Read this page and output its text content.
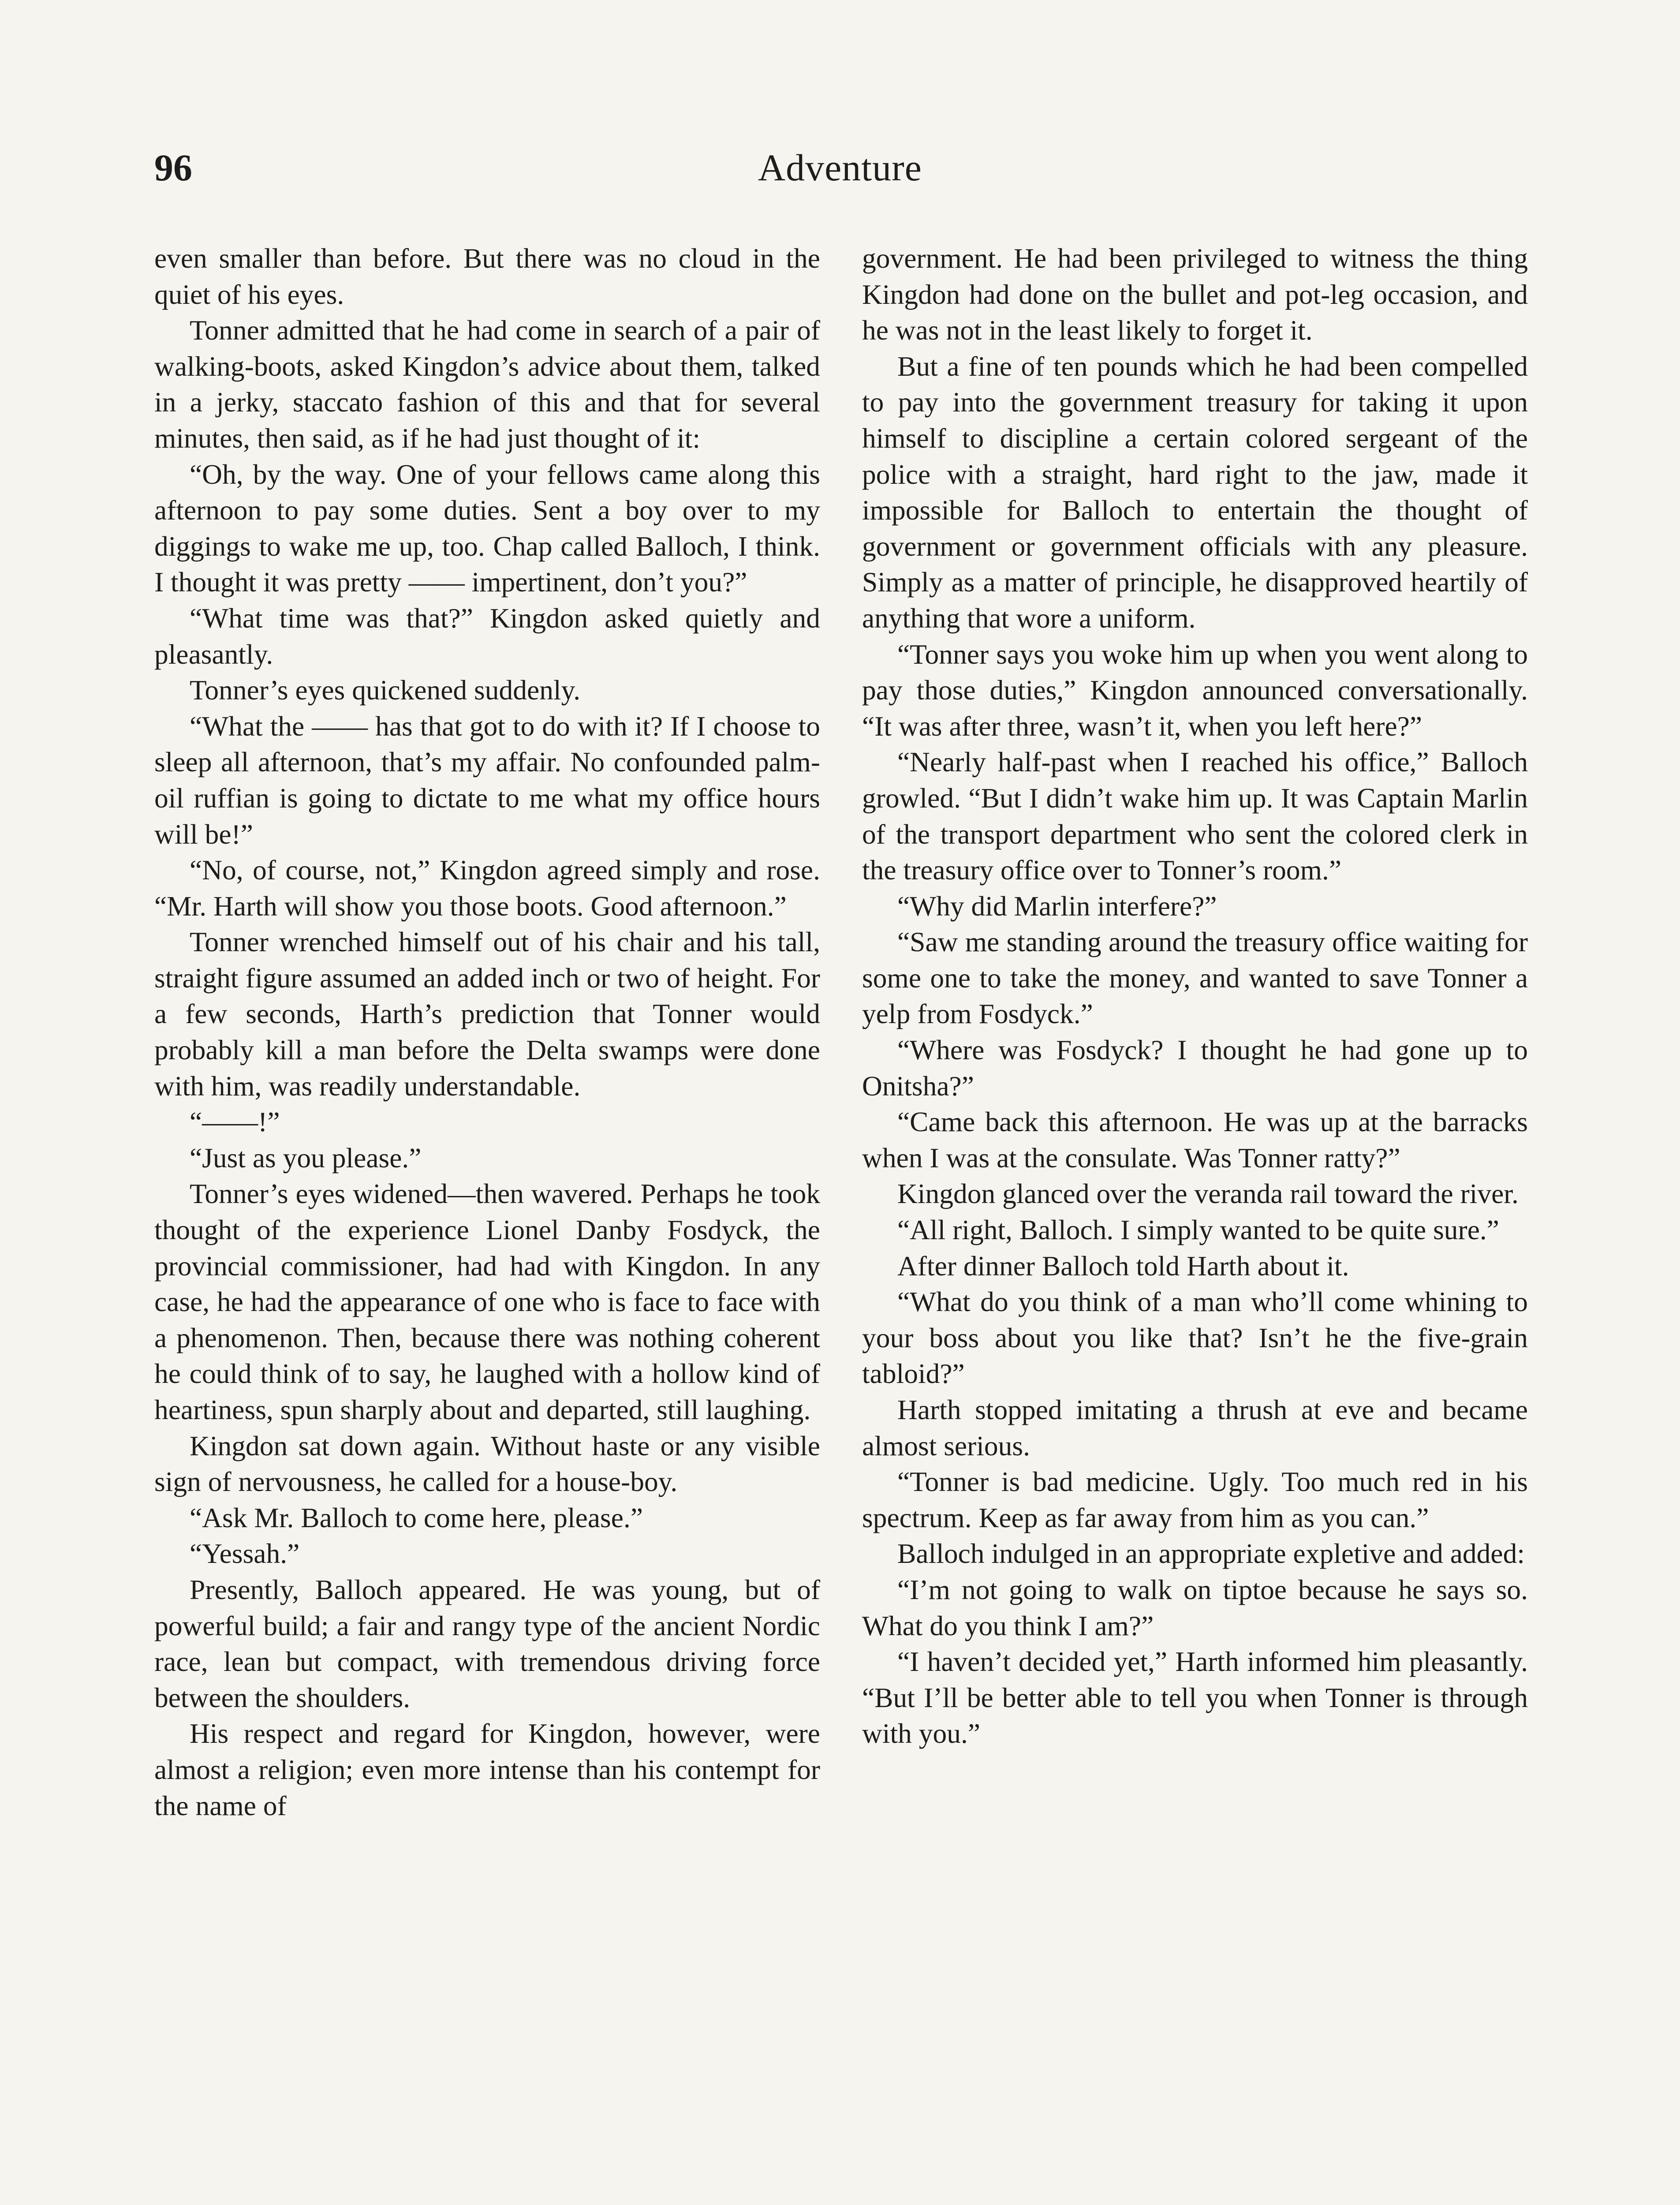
96	Adventure

even smaller than before. But there was no cloud in the quiet of his eyes.

Tonner admitted that he had come in search of a pair of walking-boots, asked Kingdon’s advice about them, talked in a jerky, staccato fashion of this and that for several minutes, then said, as if he had just thought of it:

“Oh, by the way. One of your fellows came along this afternoon to pay some duties. Sent a boy over to my diggings to wake me up, too. Chap called Balloch, I think. I thought it was pretty —— impertinent, don’t you?”

“What time was that?” Kingdon asked quietly and pleasantly.

Tonner’s eyes quickened suddenly.

“What the —— has that got to do with it? If I choose to sleep all afternoon, that’s my affair. No confounded palm-oil ruffian is going to dictate to me what my office hours will be!”

“No, of course, not,” Kingdon agreed simply and rose. “Mr. Harth will show you those boots. Good afternoon.”

Tonner wrenched himself out of his chair and his tall, straight figure assumed an added inch or two of height. For a few seconds, Harth’s prediction that Tonner would probably kill a man before the Delta swamps were done with him, was readily understandable.

“——!”

“Just as you please.”

Tonner’s eyes widened—then wavered. Perhaps he took thought of the experience Lionel Danby Fosdyck, the provincial commissioner, had had with Kingdon. In any case, he had the appearance of one who is face to face with a phenomenon. Then, because there was nothing coherent he could think of to say, he laughed with a hollow kind of heartiness, spun sharply about and departed, still laughing.

Kingdon sat down again. Without haste or any visible sign of nervousness, he called for a house-boy.

“Ask Mr. Balloch to come here, please.”

“Yessah.”

Presently, Balloch appeared. He was young, but of powerful build; a fair and rangy type of the ancient Nordic race, lean but compact, with tremendous driving force between the shoulders.

His respect and regard for Kingdon, however, were almost a religion; even more intense than his contempt for the name of

government. He had been privileged to witness the thing Kingdon had done on the bullet and pot-leg occasion, and he was not in the least likely to forget it.

But a fine of ten pounds which he had been compelled to pay into the government treasury for taking it upon himself to discipline a certain colored sergeant of the police with a straight, hard right to the jaw, made it impossible for Balloch to entertain the thought of government or government officials with any pleasure. Simply as a matter of principle, he disapproved heartily of anything that wore a uniform.

“Tonner says you woke him up when you went along to pay those duties,” Kingdon announced conversationally. “It was after three, wasn’t it, when you left here?”

“Nearly half-past when I reached his office,” Balloch growled. “But I didn’t wake him up. It was Captain Marlin of the transport department who sent the colored clerk in the treasury office over to Tonner’s room.”

“Why did Marlin interfere?”

“Saw me standing around the treasury office waiting for some one to take the money, and wanted to save Tonner a yelp from Fosdyck.”

“Where was Fosdyck? I thought he had gone up to Onitsha?”

“Came back this afternoon. He was up at the barracks when I was at the consulate. Was Tonner ratty?”

Kingdon glanced over the veranda rail toward the river.

“All right, Balloch. I simply wanted to be quite sure.”

After dinner Balloch told Harth about it.

“What do you think of a man who’ll come whining to your boss about you like that? Isn’t he the five-grain tabloid?”

Harth stopped imitating a thrush at eve and became almost serious.

“Tonner is bad medicine. Ugly. Too much red in his spectrum. Keep as far away from him as you can.”

Balloch indulged in an appropriate expletive and added:

“I’m not going to walk on tiptoe because he says so. What do you think I am?”

“I haven’t decided yet,” Harth informed him pleasantly. “But I’ll be better able to tell you when Tonner is through with you.”
